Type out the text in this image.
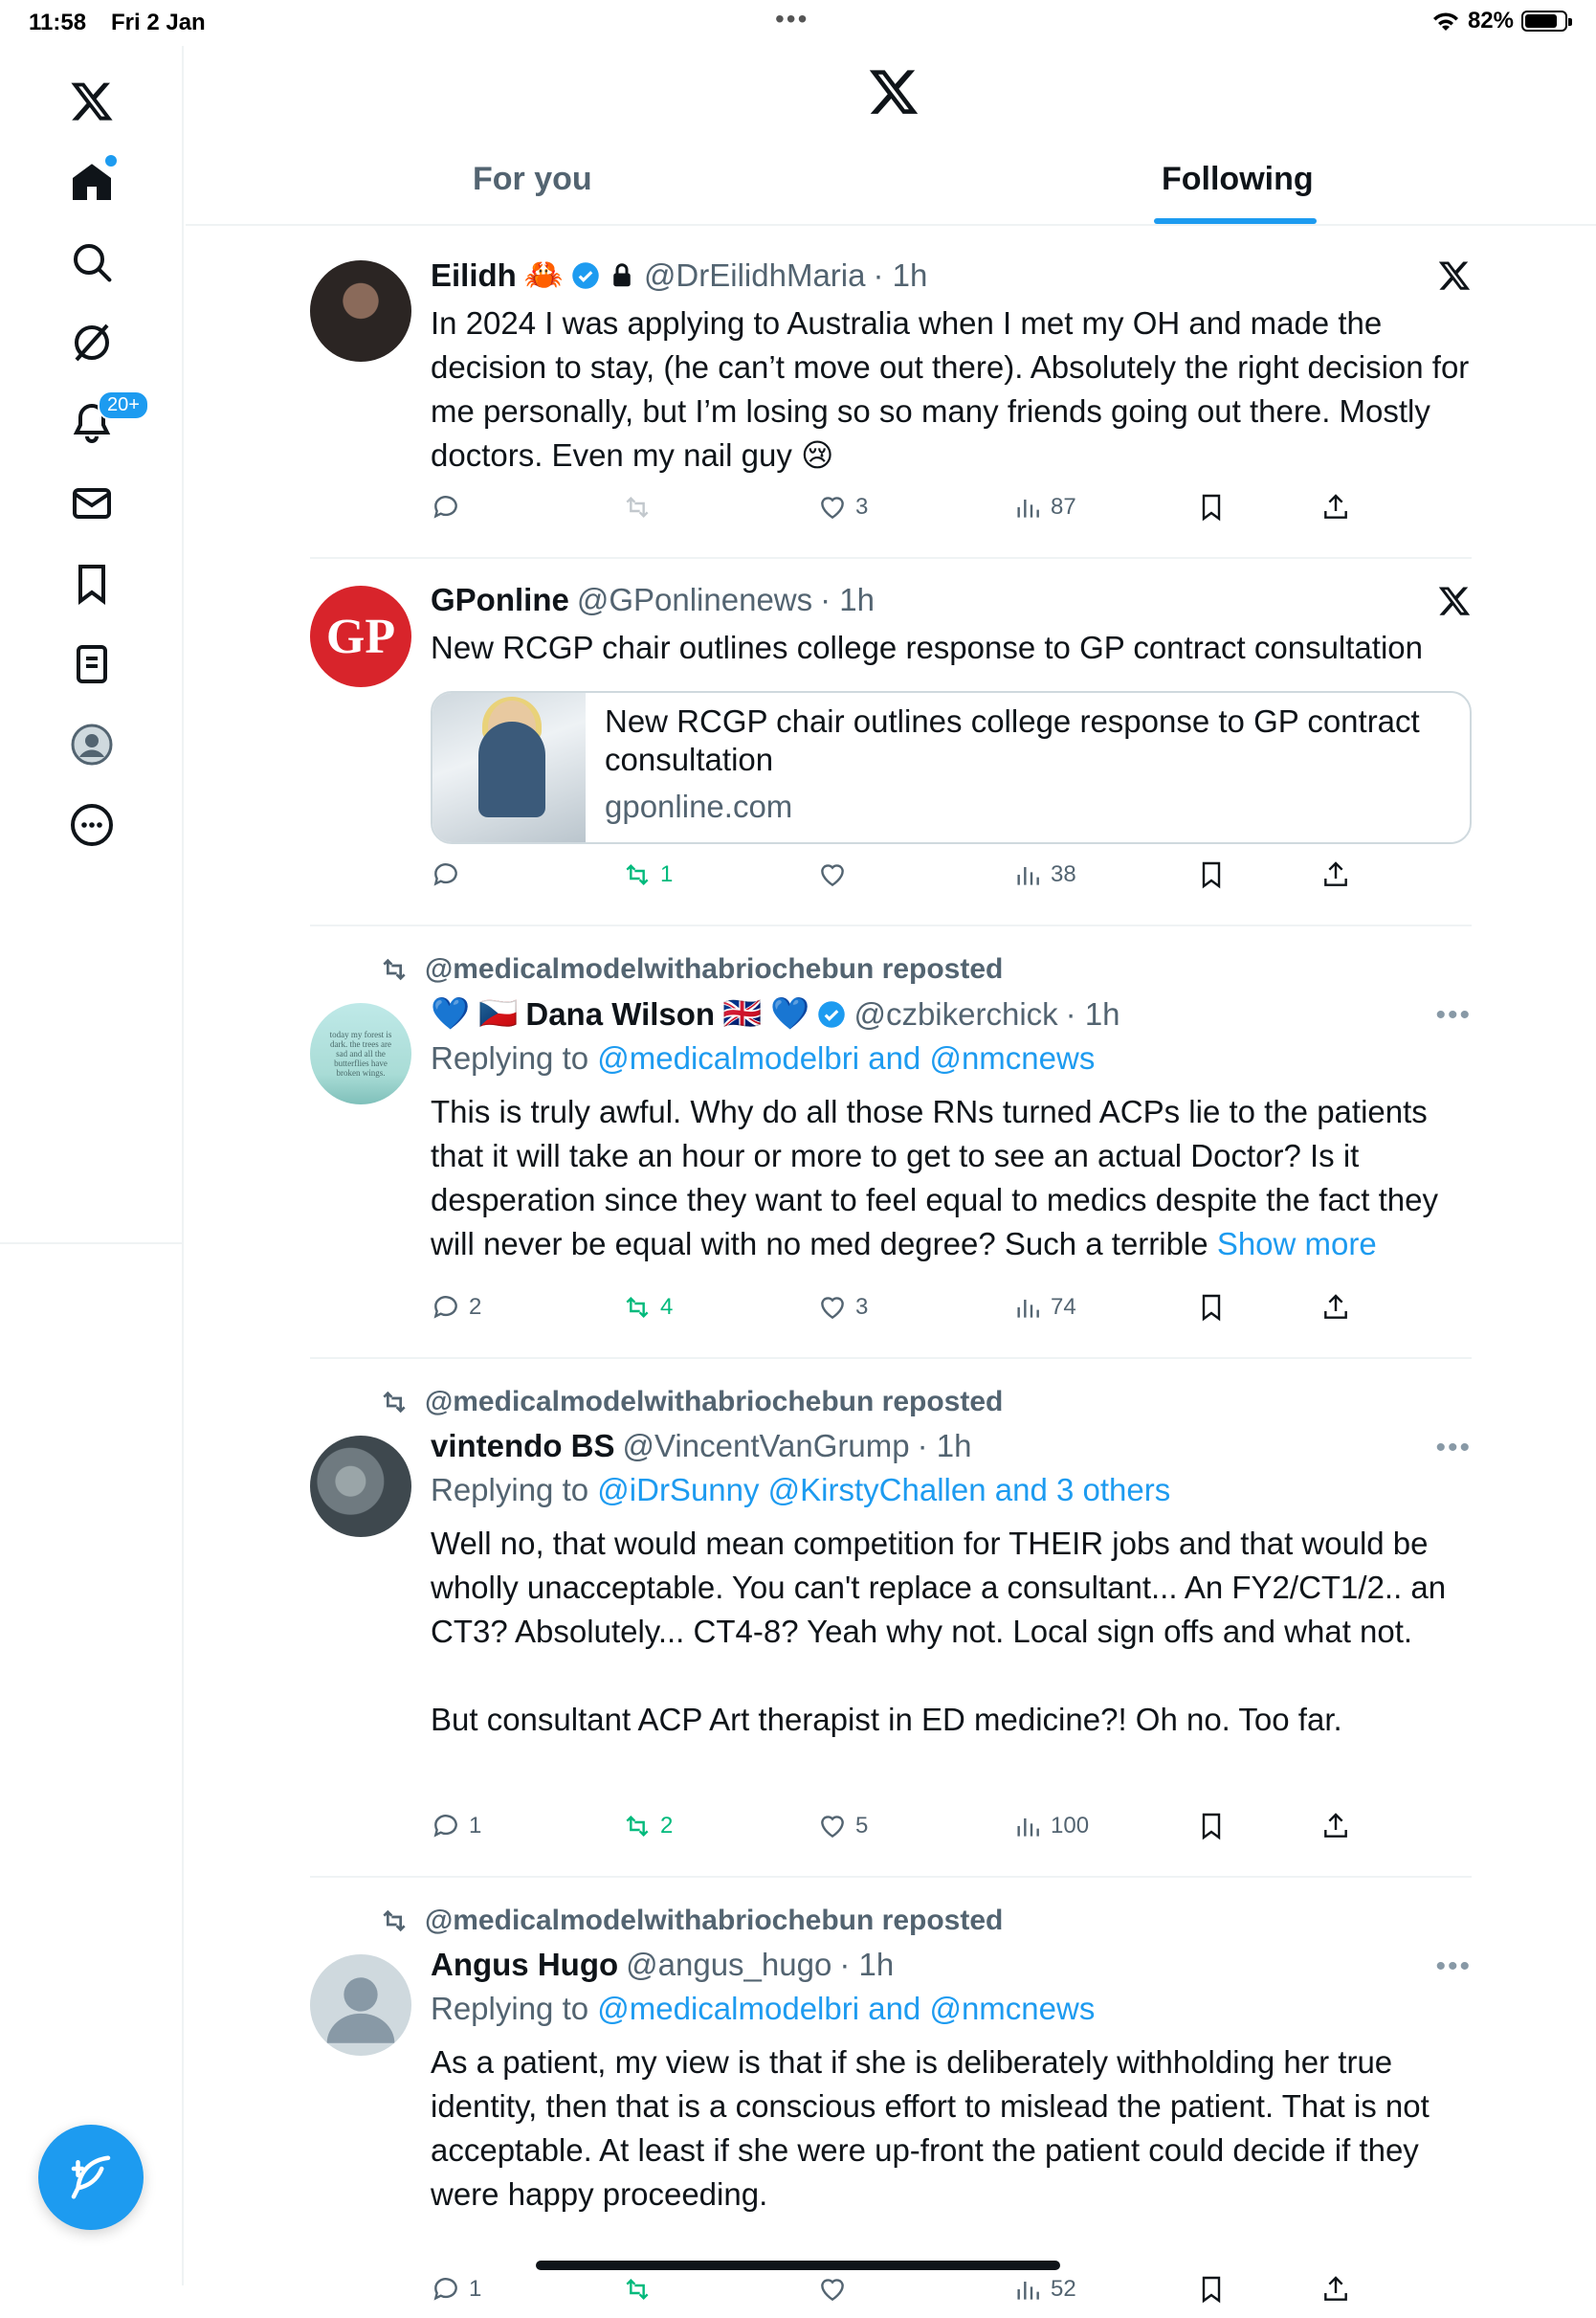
11:58 Fri 2 Jan	•••	82%
20+
For you	Following
Eilidh 🦀	@DrEilidhMaria · 1h
In 2024 I was applying to Australia when I met my OH and made the decision to stay, (he can’t move out there). Absolutely the right decision for me personally, but I’m losing so so many friends going out there. Mostly doctors. Even my nail guy 😢
3	87
GP
GPonline @GPonlinenews · 1h
New RCGP chair outlines college response to GP contract consultation
New RCGP chair outlines college response to GP contract consultation
gponline.com
1	38
@medicalmodelwithabriochebun reposted
today my forest is dark. the trees are sad and all the butterflies have broken wings.
💙 🇨🇿 Dana Wilson 🇬🇧 💙 @czbikerchick · 1h
Replying to @medicalmodelbri and @nmcnews
This is truly awful. Why do all those RNs turned ACPs lie to the patients that it will take an hour or more to get to see an actual Doctor? Is it desperation since they want to feel equal to medics despite the fact they will never be equal with no med degree? Such a terrible Show more
•••
2	4	3	74
@medicalmodelwithabriochebun reposted
vintendo BS @VincentVanGrump · 1h
Replying to @iDrSunny @KirstyChallen and 3 others
Well no, that would mean competition for THEIR jobs and that would be wholly unacceptable. You can't replace a consultant... An FY2/CT1/2.. an CT3? Absolutely... CT4-8? Yeah why not. Local sign offs and what not.

But consultant ACP Art therapist in ED medicine?! Oh no. Too far.
•••
1	2	5	100
@medicalmodelwithabriochebun reposted
Angus Hugo @angus_hugo · 1h
Replying to @medicalmodelbri and @nmcnews
As a patient, my view is that if she is deliberately withholding her true identity, then that is a conscious effort to mislead the patient. That is not acceptable. At least if she were up-front the patient could decide if they were happy proceeding.
•••
1	52
